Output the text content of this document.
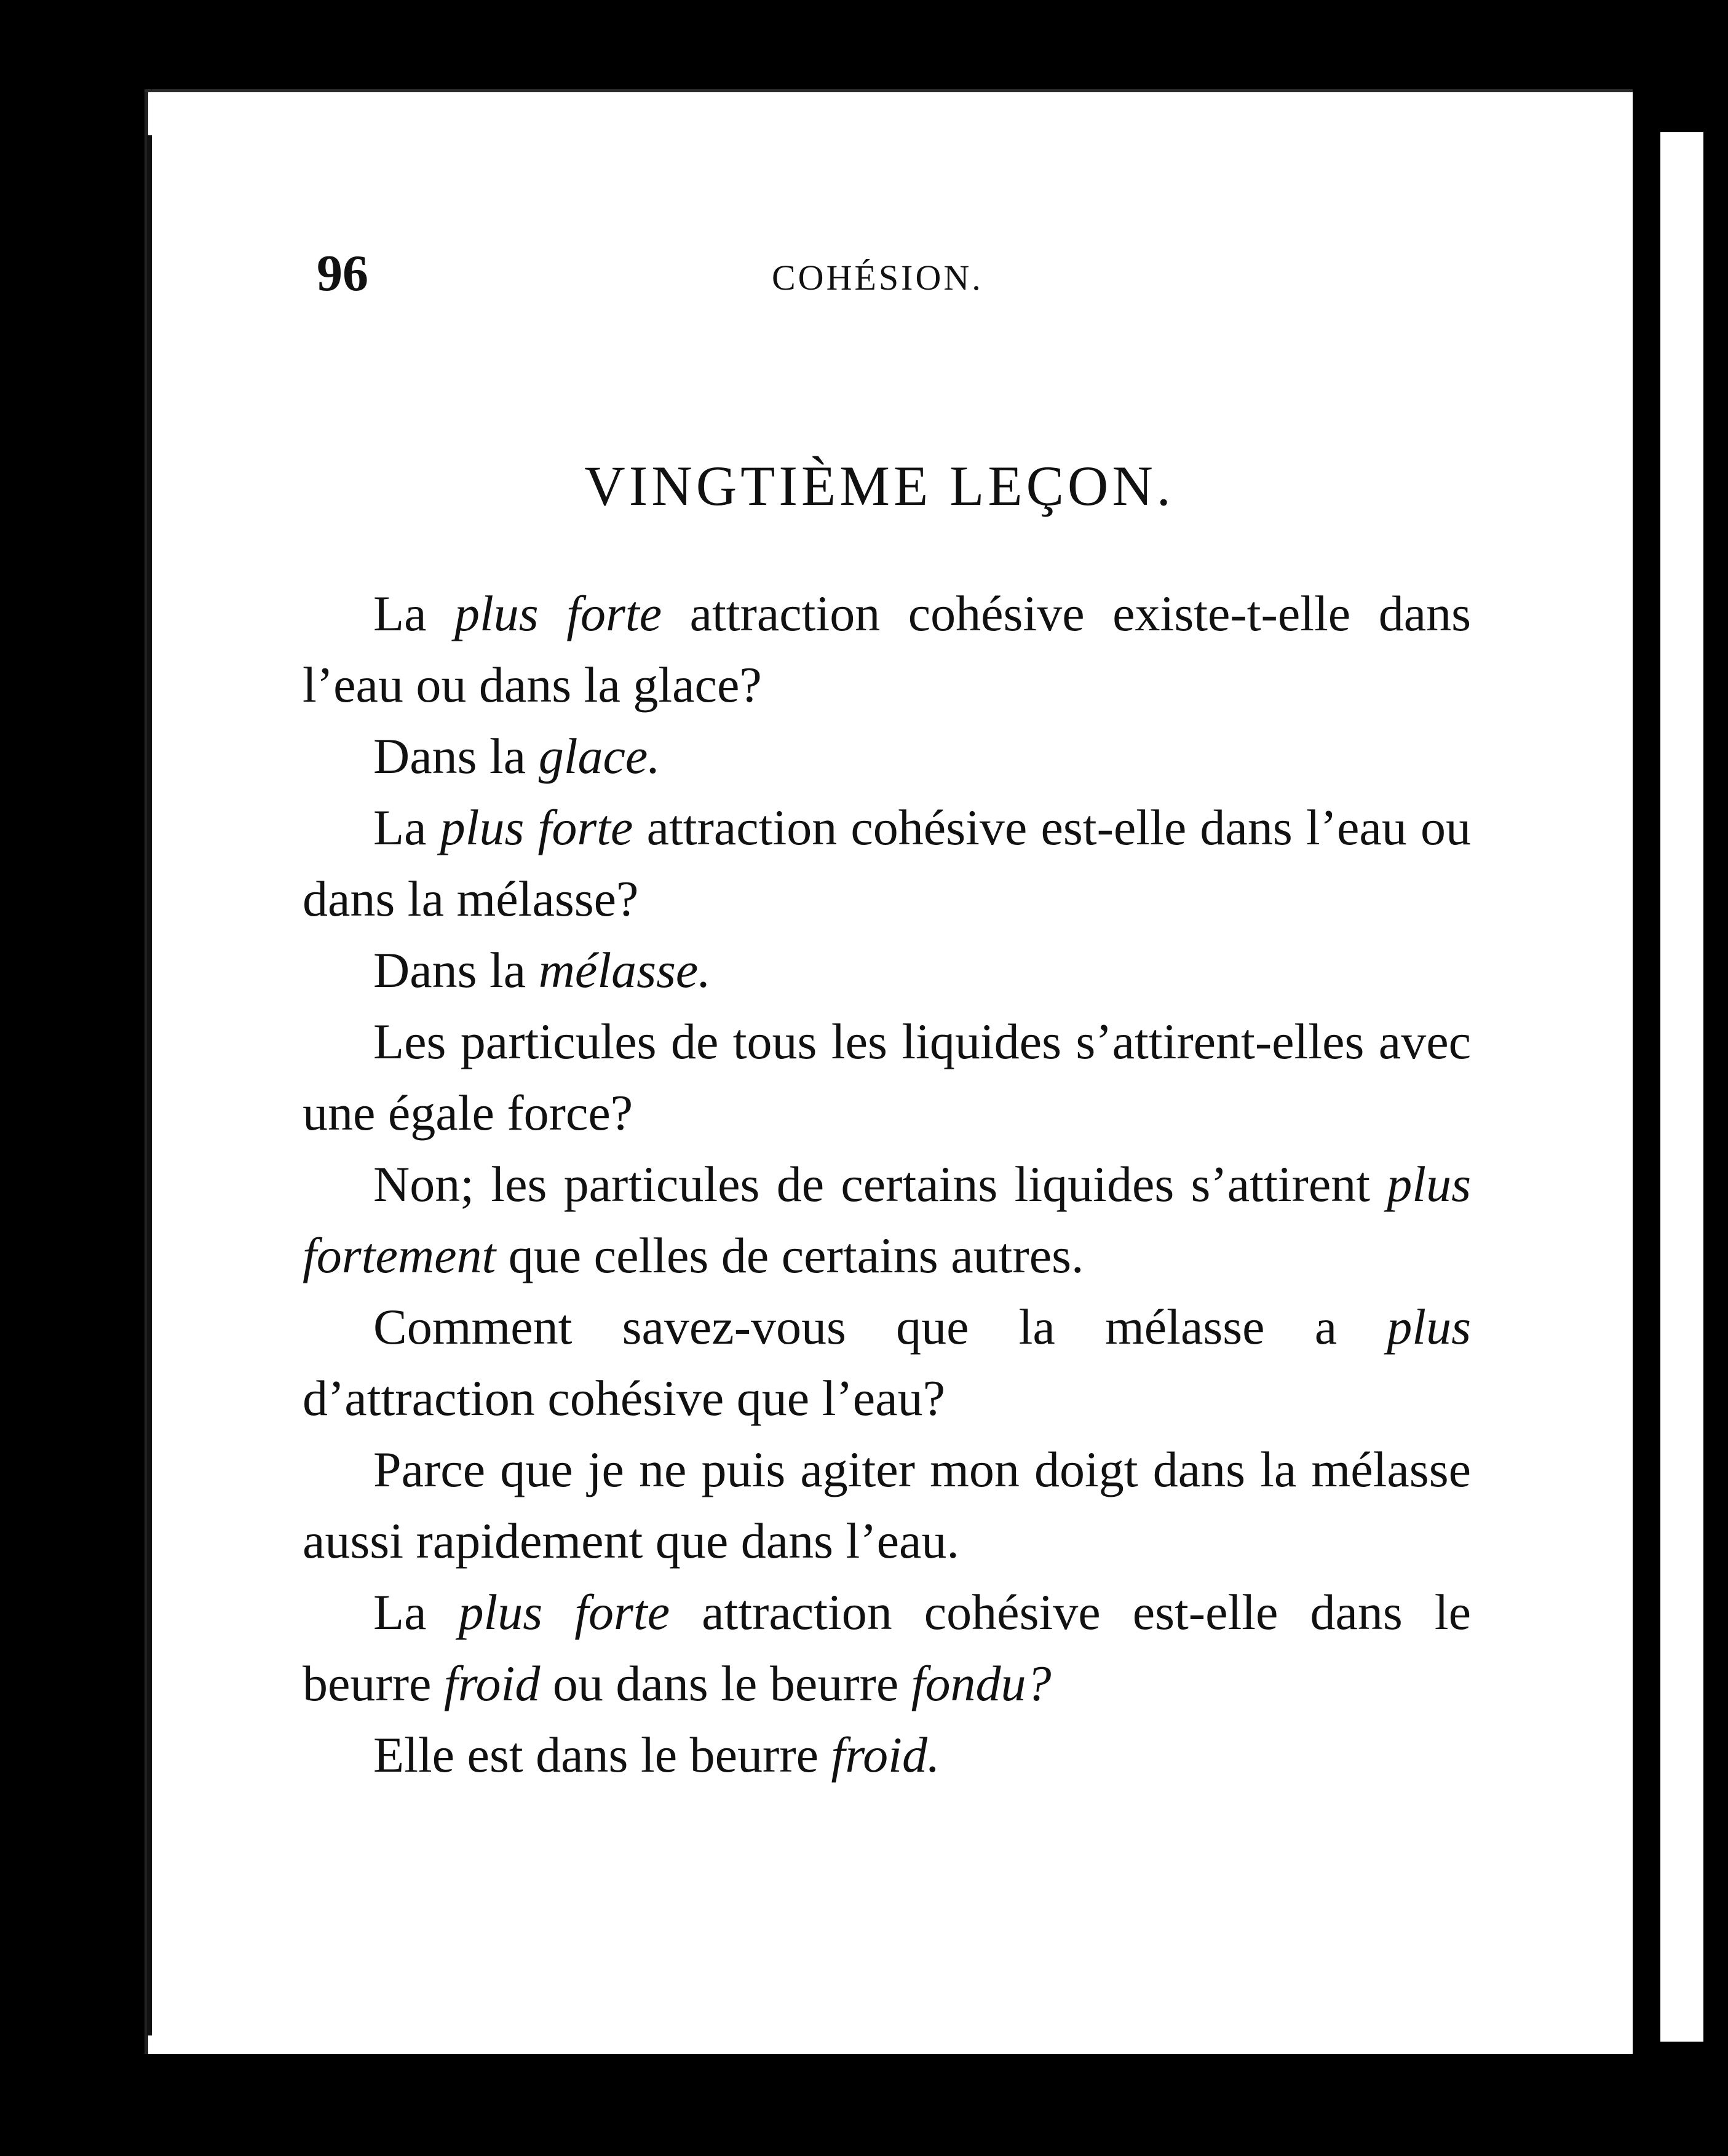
96	COHÉSION.
VINGTIÈME LEÇON.

La plus forte attraction cohésive existe-t-elle dans l’eau ou dans la glace?

Dans la glace.

La plus forte attraction cohésive est-elle dans l’eau ou dans la mélasse?

Dans la mélasse.

Les particules de tous les liquides s’attirent-elles avec une égale force?

Non; les particules de certains liquides s’attirent plus fortement que celles de certains autres.

Comment savez-vous que la mélasse a plus d’attraction cohésive que l’eau?

Parce que je ne puis agiter mon doigt dans la mélasse aussi rapidement que dans l’eau.

La plus forte attraction cohésive est-elle dans le beurre froid ou dans le beurre fondu?

Elle est dans le beurre froid.
